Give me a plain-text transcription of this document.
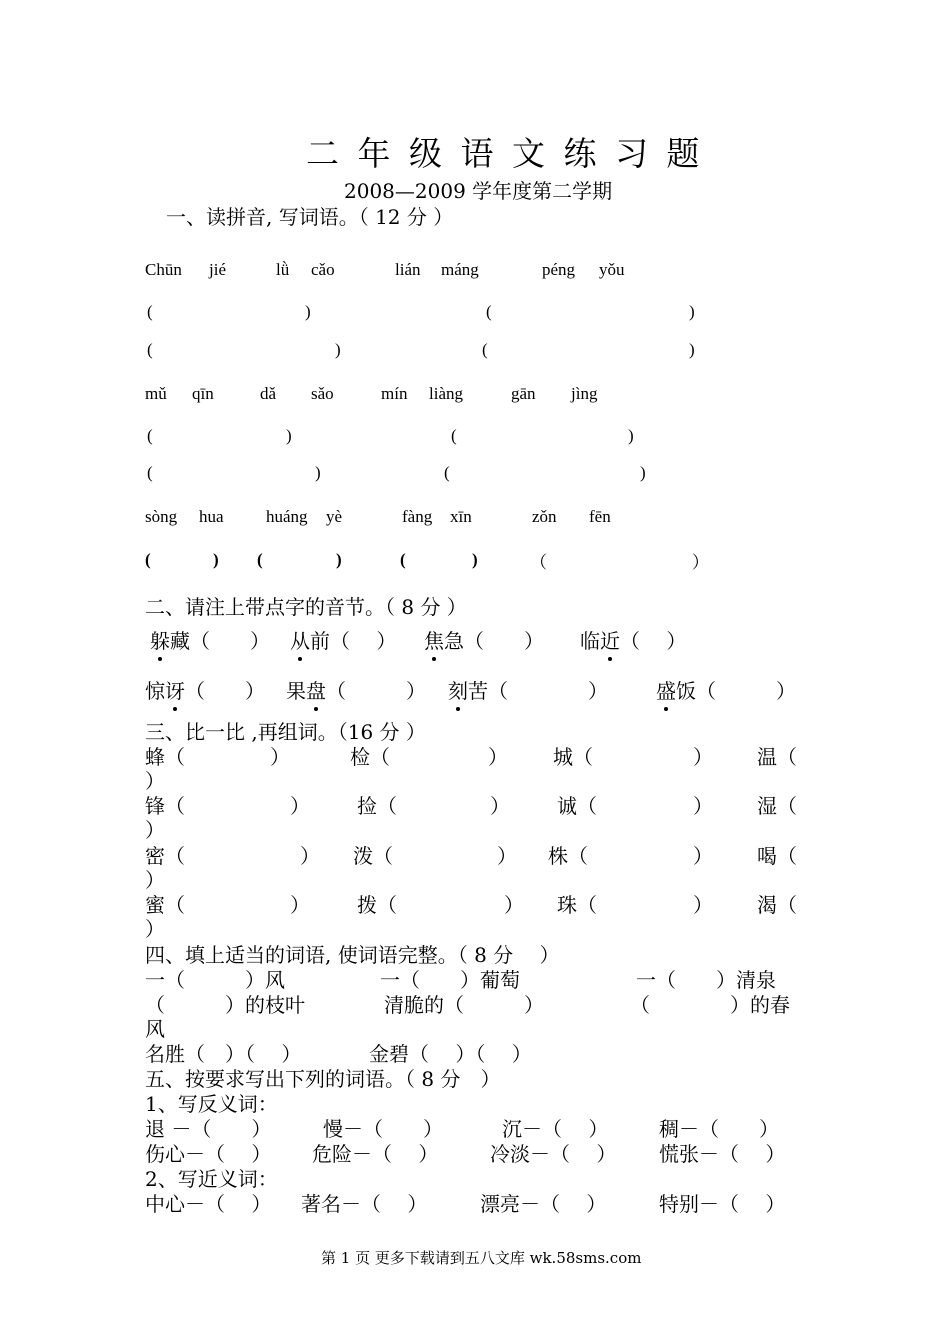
二 年 级 语 文 练 习 题
2008—2009 学年度第二学期
一、读拼音, 写词语。（ 12 分 ）
Chūn jié	lǜ cǎo	lián máng	péng yǒu
(	)	(	)
(	)	(	)
mǔ qīn	dǎ sǎo	mín liàng	gān jìng
(	)	(	)
(	)	(	)
sòng hua huáng yè	fàng xīn	zǒn fēn
(	) (	)	(	)	（	）
二、请注上带点字的音节。（ 8 分 ）
躲藏（　　） 从前（　 ） 焦急（　　） 临近（　 ）
惊讶（　　） 果盘（　　　） 刻苦（　　　　） 盛饭（　　　）
三、比一比 ,再组词。（16 分 ）
蜂（	）	检（	） 城（	） 温（
）
锋（	） 捡（	） 诚（	） 湿（
）
密（	） 泼（	） 株（	） 喝（
）
蜜（	） 拨（	） 珠（	） 渴（
）
四、填上适当的词语, 使词语完整。（ 8 分　 ）
一（　　　）风	一（　　）葡萄	一（　　）清泉
（　　　）的枝叶	清脆的（　　　）	（　　　　）的春
风
名胜（　）（　 ）	金碧（　 ）（　 ）
五、按要求写出下列的词语。（ 8 分　）
1、写反义词：
退 －（　　）	慢－（　　）	沉－（　 ）	稠－（　　）
伤心－（　 ） 危险－（　 ）	冷淡－（　 ） 慌张－（　 ）
2、写近义词：
中心－（　 ） 著名－（　 ）	漂亮－（　 ）	特别－（　 ）
第 1 页 更多下载请到五八文库 wk.58sms.com
